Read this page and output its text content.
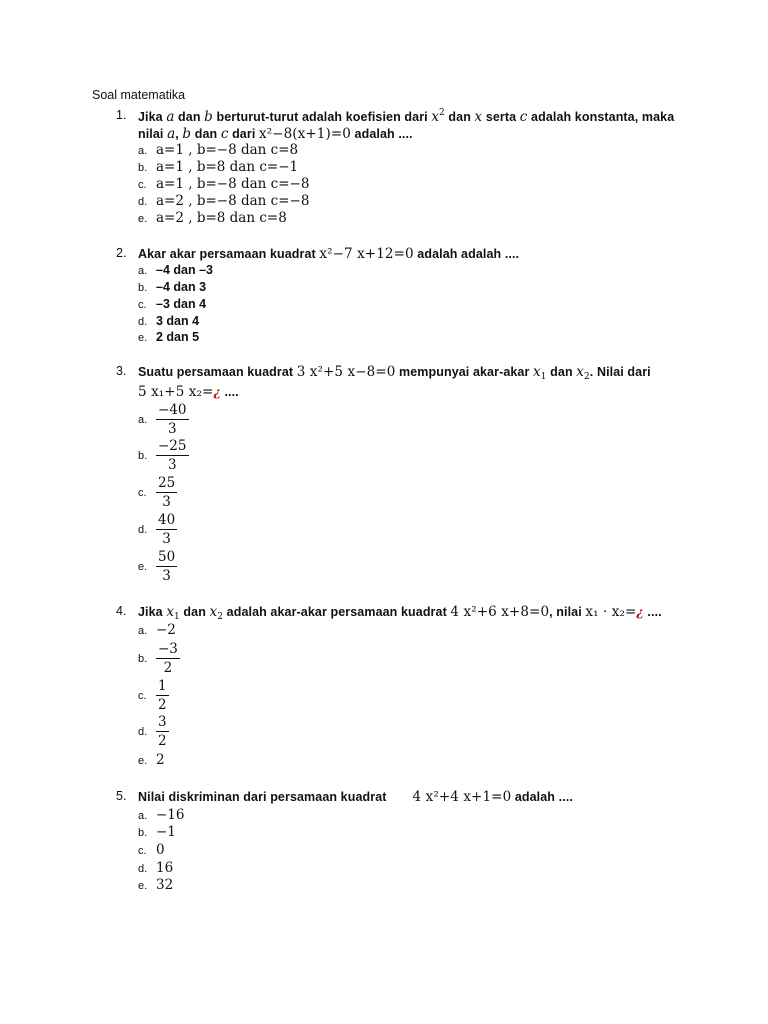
Soal matematika
1. Jika a dan b berturut-turut adalah koefisien dari $x^2$ dan x serta c adalah konstanta, maka
nilai a, b dan c dari x²−8(x+1)=0 adalah ....
a. a=1 , b=−8 dan c=8
b. a=1 , b=8 dan c=−1
c. a=1 , b=−8 dan c=−8
d. a=2 , b=−8 dan c=−8
e. a=2 , b=8 dan c=8
2. Akar akar persamaan kuadrat x²−7 x+12=0 adalah adalah ....
a. –4 dan –3
b. –4 dan 3
c. –3 dan 4
d. 3 dan 4
e. 2 dan 5
3. Suatu persamaan kuadrat 3 x²+5 x−8=0 mempunyai akar-akar $x_1$ dan $x_2$. Nilai dari
5 x₁+5 x₂=¿ ....
a. $\frac{-40}{3}$
b. $\frac{-25}{3}$
c. $\frac{25}{3}$
d. $\frac{40}{3}$
e. $\frac{50}{3}$
4. Jika $x_1$ dan $x_2$ adalah akar-akar persamaan kuadrat 4 x²+6 x+8=0, nilai x₁ · x₂=¿ ....
a. −2
b. $\frac{-3}{2}$
c. $\frac{1}{2}$
d. $\frac{3}{2}$
e. 2
5. Nilai diskriminan dari persamaan kuadrat 4 x²+4 x+1=0 adalah ....
a. −16
b. −1
c. 0
d. 16
e. 32
